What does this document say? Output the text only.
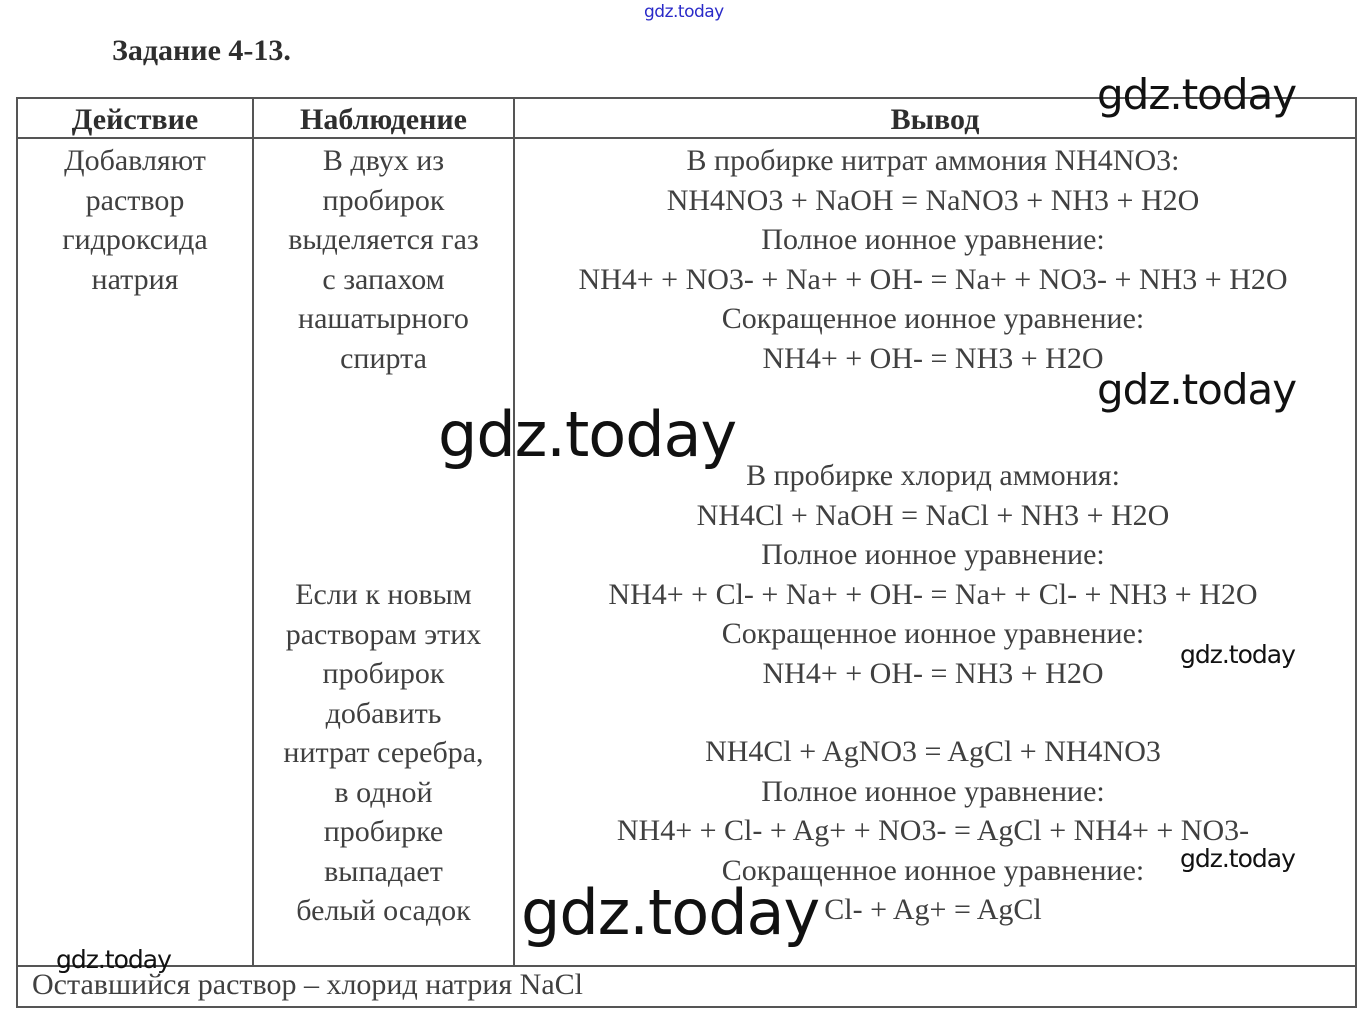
gdz.today
Задание 4-13.
Действие	Наблюдение	Вывод
Добавляют
раствор
гидроксида
натрия
В двух из
пробирок
выделяется газ
с запахом
нашатырного
спирта
Если к новым
растворам этих
пробирок
добавить
нитрат серебра,
в одной
пробирке
выпадает
белый осадок
В пробирке нитрат аммония NH4NO3:
NH4NO3 + NaOH = NaNO3 + NH3 + H2O
Полное ионное уравнение:
NH4+ + NO3- + Na+ + OH- = Na+ + NO3- + NH3 + H2O
Сокращенное ионное уравнение:
NH4+ + OH- = NH3 + H2O
В пробирке хлорид аммония:
NH4Cl + NaOH = NaCl + NH3 + H2O
Полное ионное уравнение:
NH4+ + Cl- + Na+ + OH- = Na+ + Cl- + NH3 + H2O
Сокращенное ионное уравнение:
NH4+ + OH- = NH3 + H2O
NH4Cl + AgNO3 = AgCl + NH4NO3
Полное ионное уравнение:
NH4+ + Cl- + Ag+ + NO3- = AgCl + NH4+ + NO3-
Сокращенное ионное уравнение:
Cl- + Ag+ = AgCl
Оставшийся раствор – хлорид натрия NaCl
gdz.today
gdz.today
gdz.today
gdz.today
gdz.today
gdz.today
gdz.today
